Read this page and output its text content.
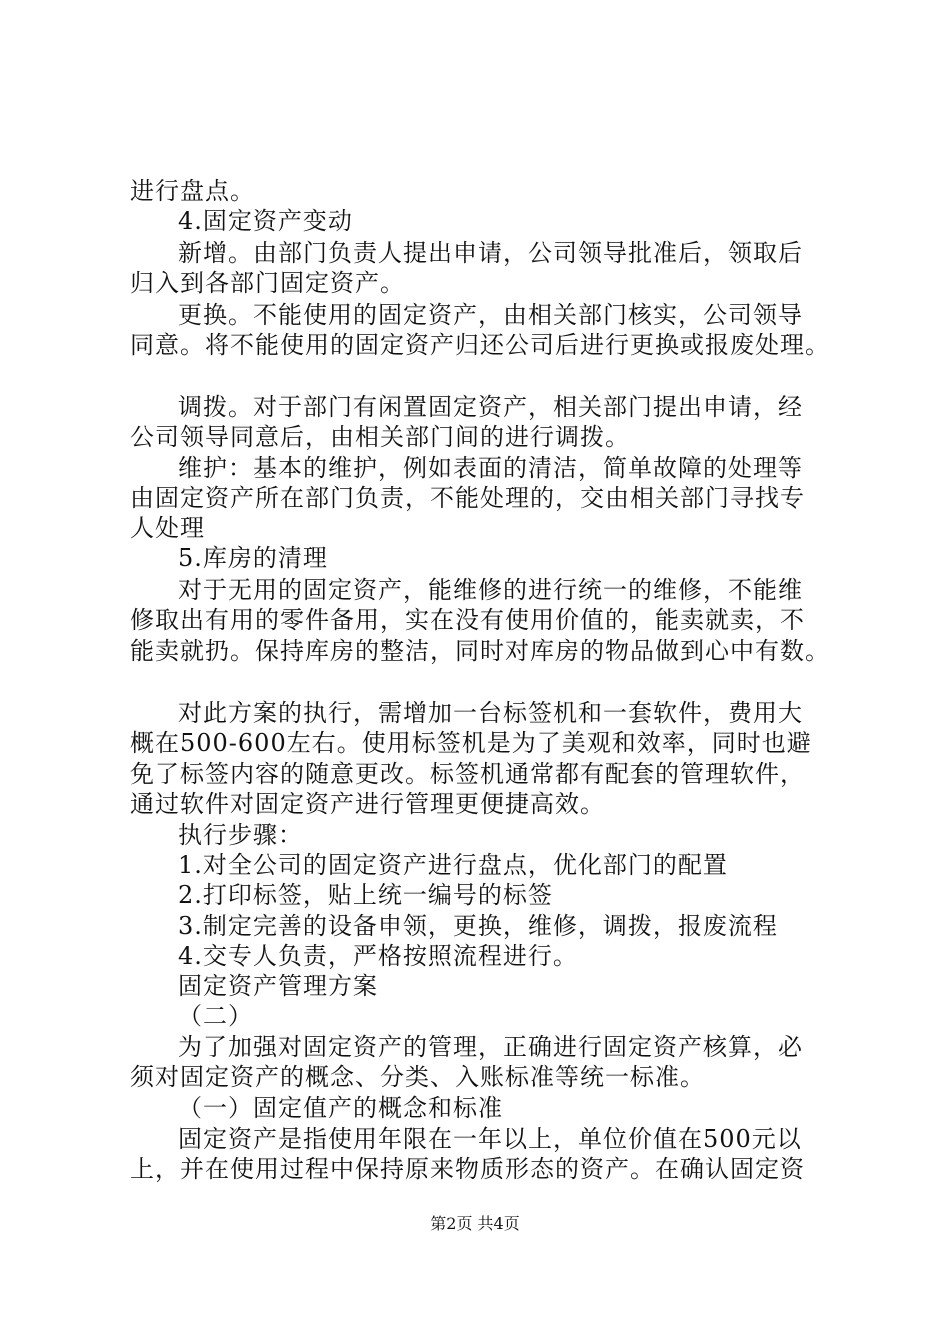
进行盘点。
4.固定资产变动
新增。由部门负责人提出申请，公司领导批准后，领取后
归入到各部门固定资产。
更换。不能使用的固定资产，由相关部门核实，公司领导
同意。将不能使用的固定资产归还公司后进行更换或报废处理。
调拨。对于部门有闲置固定资产，相关部门提出申请，经
公司领导同意后，由相关部门间的进行调拨。
维护：基本的维护，例如表面的清洁，简单故障的处理等
由固定资产所在部门负责，不能处理的，交由相关部门寻找专
人处理
5.库房的清理
对于无用的固定资产，能维修的进行统一的维修，不能维
修取出有用的零件备用，实在没有使用价值的，能卖就卖，不
能卖就扔。保持库房的整洁，同时对库房的物品做到心中有数。
对此方案的执行，需增加一台标签机和一套软件，费用大
概在500-600左右。使用标签机是为了美观和效率，同时也避
免了标签内容的随意更改。标签机通常都有配套的管理软件，
通过软件对固定资产进行管理更便捷高效。
执行步骤：
1.对全公司的固定资产进行盘点，优化部门的配置
2.打印标签，贴上统一编号的标签
3.制定完善的设备申领，更换，维修，调拨，报废流程
4.交专人负责，严格按照流程进行。
固定资产管理方案
（二）
为了加强对固定资产的管理，正确进行固定资产核算，必
须对固定资产的概念、分类、入账标准等统一标准。
（一）固定值产的概念和标准
固定资产是指使用年限在一年以上，单位价值在500元以
上，并在使用过程中保持原来物质形态的资产。在确认固定资
第2页 共4页
